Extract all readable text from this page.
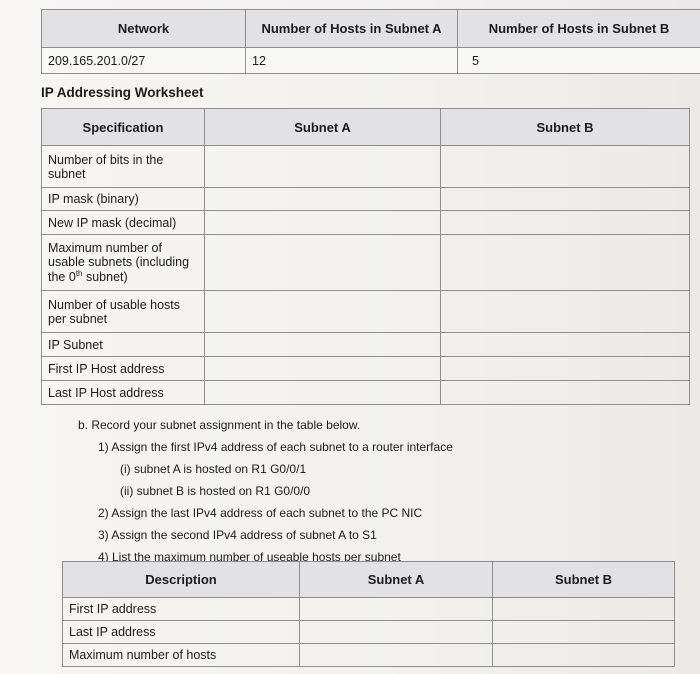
Network	Number of Hosts in Subnet A	Number of Hosts in Subnet B
209.165.201.0/27	12	5
IP Addressing Worksheet
Specification	Subnet A	Subnet B
Number of bits in the subnet		
IP mask (binary)		
New IP mask (decimal)		
Maximum number of usable subnets (including the 0th subnet)		
Number of usable hosts per subnet		
IP Subnet		
First IP Host address		
Last IP Host address		
b. Record your subnet assignment in the table below.
1) Assign the first IPv4 address of each subnet to a router interface
(i) subnet A is hosted on R1 G0/0/1
(ii) subnet B is hosted on R1 G0/0/0
2) Assign the last IPv4 address of each subnet to the PC NIC
3) Assign the second IPv4 address of subnet A to S1
4) List the maximum number of useable hosts per subnet
Description	Subnet A	Subnet B
First IP address		
Last IP address		
Maximum number of hosts		
